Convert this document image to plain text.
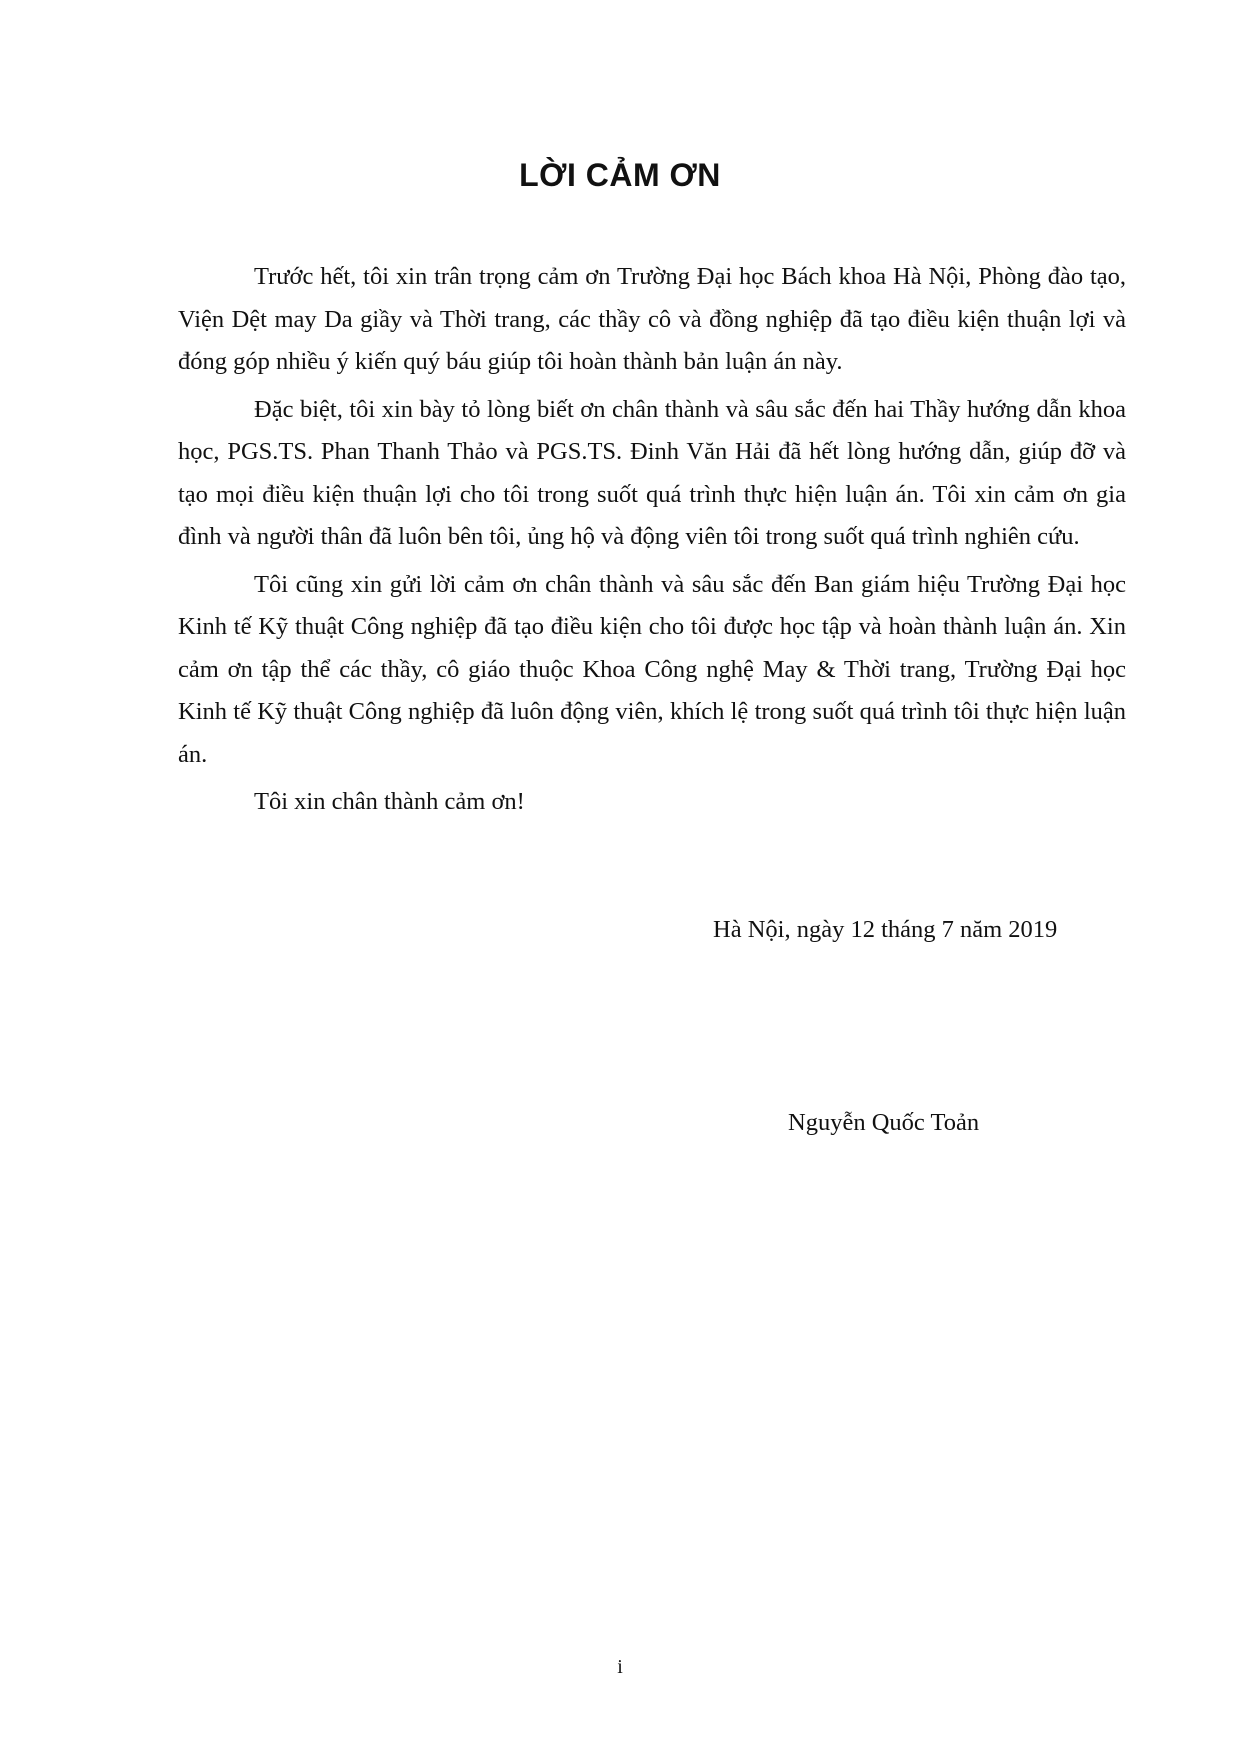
LỜI CẢM ƠN

Trước hết, tôi xin trân trọng cảm ơn Trường Đại học Bách khoa Hà Nội, Phòng đào tạo, Viện Dệt may Da giầy và Thời trang, các thầy cô và đồng nghiệp đã tạo điều kiện thuận lợi và đóng góp nhiều ý kiến quý báu giúp tôi hoàn thành bản luận án này.

Đặc biệt, tôi xin bày tỏ lòng biết ơn chân thành và sâu sắc đến hai Thầy hướng dẫn khoa học, PGS.TS. Phan Thanh Thảo và PGS.TS. Đinh Văn Hải đã hết lòng hướng dẫn, giúp đỡ và tạo mọi điều kiện thuận lợi cho tôi trong suốt quá trình thực hiện luận án. Tôi xin cảm ơn gia đình và người thân đã luôn bên tôi, ủng hộ và động viên tôi trong suốt quá trình nghiên cứu.

Tôi cũng xin gửi lời cảm ơn chân thành và sâu sắc đến Ban giám hiệu Trường Đại học Kinh tế Kỹ thuật Công nghiệp đã tạo điều kiện cho tôi được học tập và hoàn thành luận án. Xin cảm ơn tập thể các thầy, cô giáo thuộc Khoa Công nghệ May & Thời trang, Trường Đại học Kinh tế Kỹ thuật Công nghiệp đã luôn động viên, khích lệ trong suốt quá trình tôi thực hiện luận án.

Tôi xin chân thành cảm ơn!

Hà Nội, ngày 12 tháng 7 năm 2019
Nguyễn Quốc Toản
i
